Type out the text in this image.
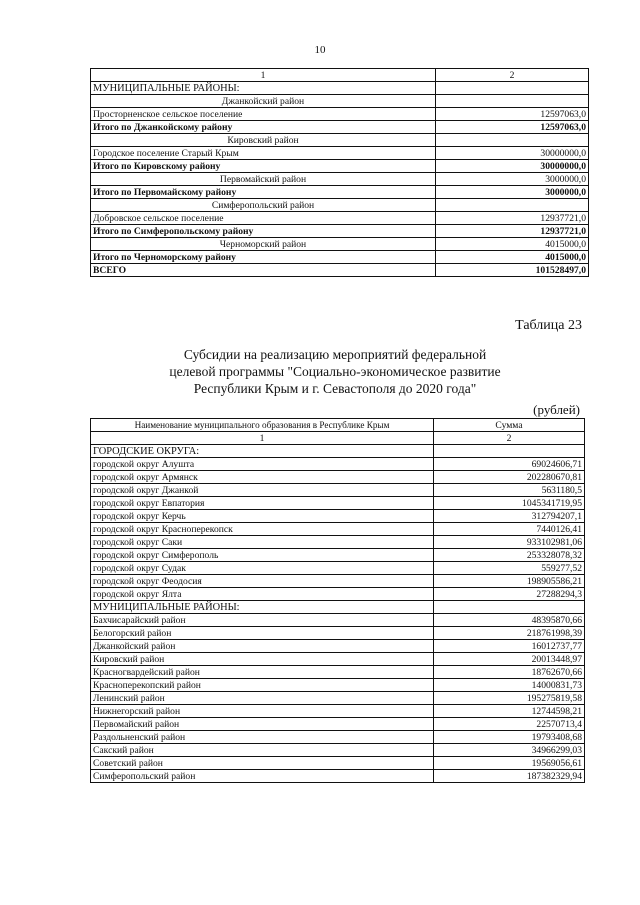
10
1	2
МУНИЦИПАЛЬНЫЕ РАЙОНЫ:	
Джанкойский район	
Просторненское сельское поселение	12597063,0
Итого по Джанкойскому району	12597063,0
Кировский район	
Городское поселение Старый Крым	30000000,0
Итого по Кировскому району	30000000,0
Первомайский район	3000000,0
Итого по Первомайскому району	3000000,0
Симферопольский район	
Добровское сельское поселение	12937721,0
Итого по Симферопольскому району	12937721,0
Черноморский район	4015000,0
Итого по Черноморскому району	4015000,0
ВСЕГО	101528497,0
Таблица 23
Субсидии на реализацию мероприятий федеральной
целевой программы "Социально-экономическое развитие
Республики Крым и г. Севастополя до 2020 года"
(рублей)
Наименование муниципального образования в Республике Крым	Сумма
1	2
ГОРОДСКИЕ ОКРУГА:	
городской округ Алушта	69024606,71
городской округ Армянск	202280670,81
городской округ Джанкой	5631180,5
городской округ Евпатория	1045341719,95
городской округ Керчь	312794207,1
городской округ Красноперекопск	7440126,41
городской округ Саки	933102981,06
городской округ Симферополь	253328078,32
городской округ Судак	559277,52
городской округ Феодосия	198905586,21
городской округ Ялта	27288294,3
МУНИЦИПАЛЬНЫЕ РАЙОНЫ:	
Бахчисарайский район	48395870,66
Белогорский район	218761998,39
Джанкойский район	16012737,77
Кировский район	20013448,97
Красногвардейский район	18762670,66
Красноперекопский район	14000831,73
Ленинский район	195275819,58
Нижнегорский район	12744598,21
Первомайский район	22570713,4
Раздольненский район	19793408,68
Сакский район	34966299,03
Советский район	19569056,61
Симферопольский район	187382329,94
